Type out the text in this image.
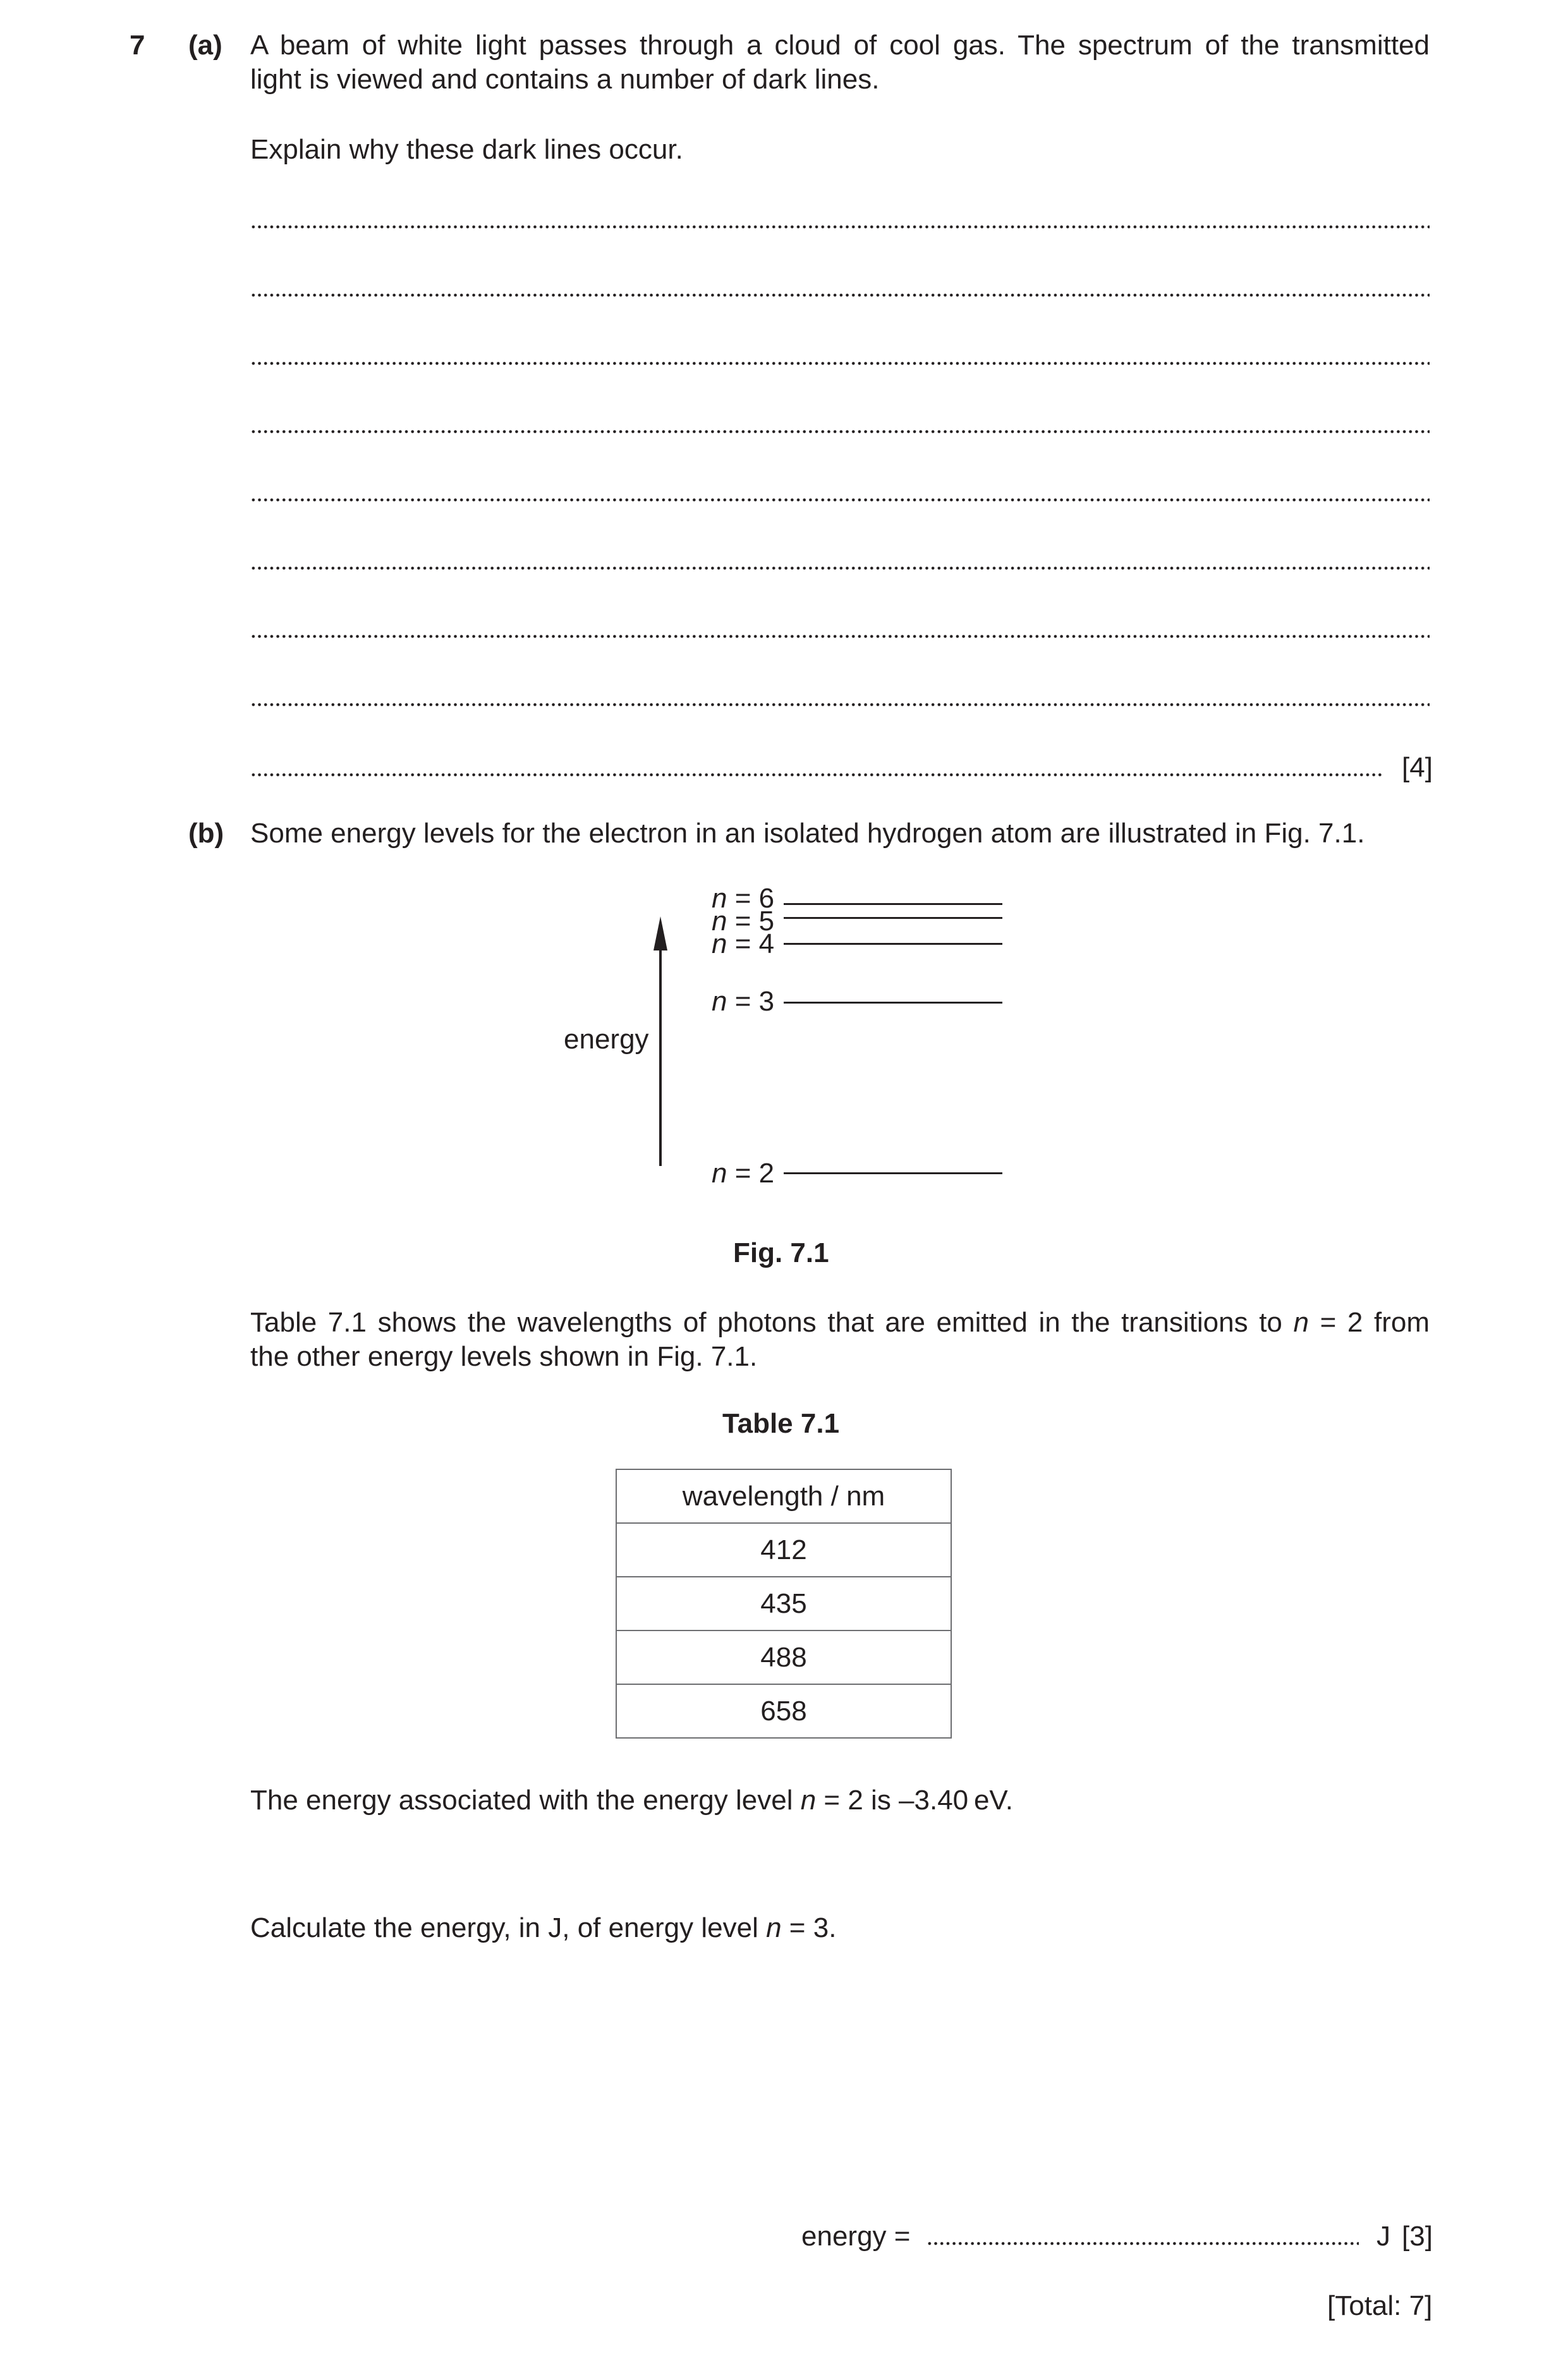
7 (a) A beam of white light passes through a cloud of cool gas. The spectrum of the transmitted
light is viewed and contains a number of dark lines.
Explain why these dark lines occur.
[4]
(b) Some energy levels for the electron in an isolated hydrogen atom are illustrated in Fig. 7.1.
energy
n = 6
n = 5
n = 4
n = 3
n = 2
Fig. 7.1
Table 7.1 shows the wavelengths of photons that are emitted in the transitions to n = 2 from
the other energy levels shown in Fig. 7.1.
Table 7.1
wavelength / nm
412
435
488
658
The energy associated with the energy level n = 2 is –3.40 eV.
Calculate the energy, in J, of energy level n = 3.
energy =	J [3]
[Total: 7]
